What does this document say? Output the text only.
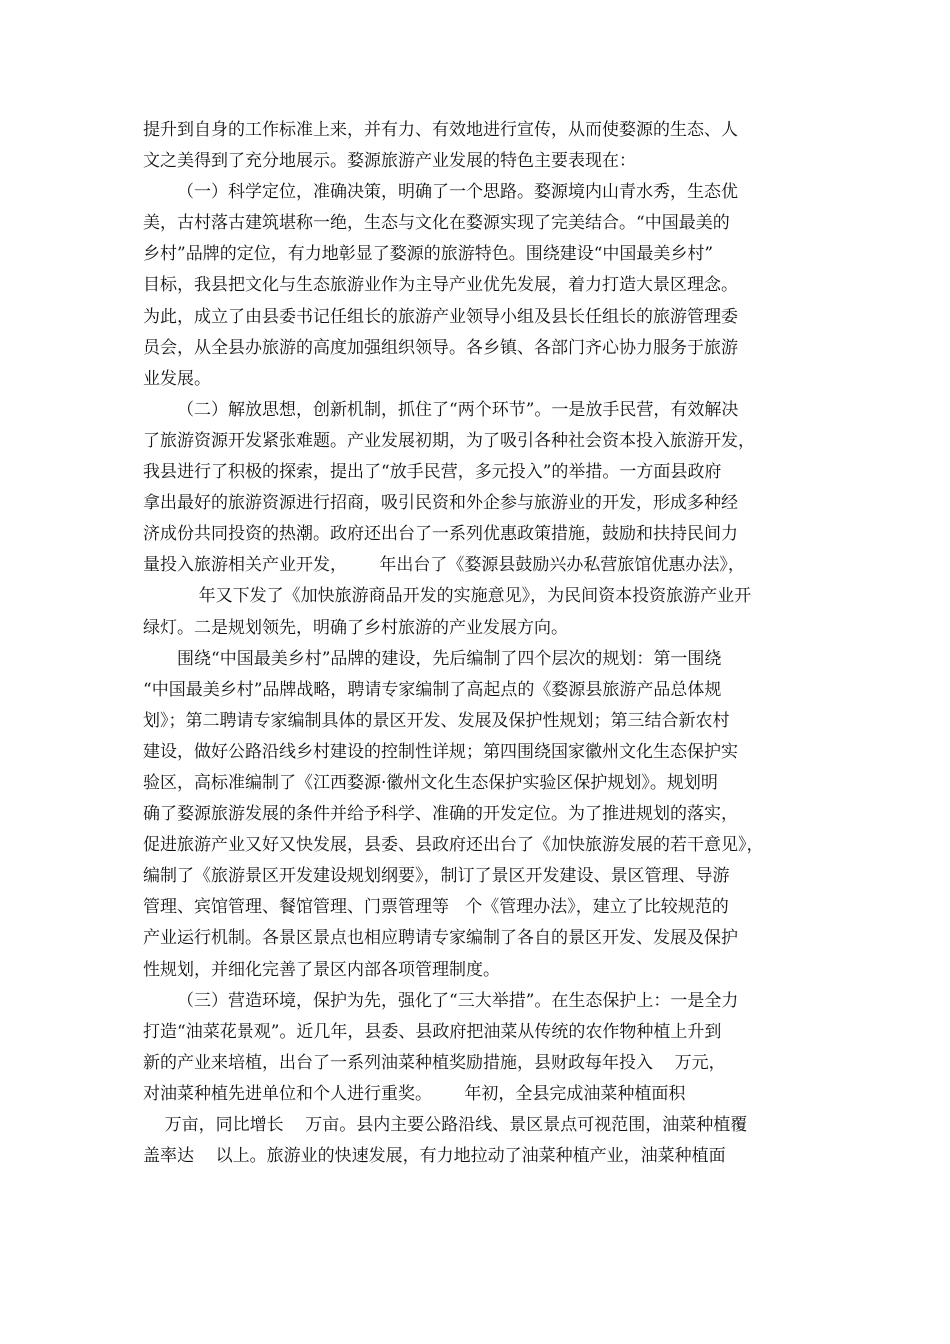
提升到自身的工作标准上来，并有力、有效地进行宣传，从而使婺源的生态、人
文之美得到了充分地展示。婺源旅游产业发展的特色主要表现在：
（一）科学定位，准确决策，明确了一个思路。婺源境内山青水秀，生态优
美，古村落古建筑堪称一绝，生态与文化在婺源实现了完美结合。“中国最美的
乡村”品牌的定位，有力地彰显了婺源的旅游特色。围绕建设“中国最美乡村”
目标，我县把文化与生态旅游业作为主导产业优先发展，着力打造大景区理念。
为此，成立了由县委书记任组长的旅游产业领导小组及县长任组长的旅游管理委
员会，从全县办旅游的高度加强组织领导。各乡镇、各部门齐心协力服务于旅游
业发展。
（二）解放思想，创新机制，抓住了“两个环节”。一是放手民营，有效解决
了旅游资源开发紧张难题。产业发展初期，为了吸引各种社会资本投入旅游开发，
我县进行了积极的探索，提出了“放手民营，多元投入”的举措。一方面县政府
拿出最好的旅游资源进行招商，吸引民资和外企参与旅游业的开发，形成多种经
济成份共同投资的热潮。政府还出台了一系列优惠政策措施，鼓励和扶持民间力
量投入旅游相关产业开发，      年出台了《婺源县鼓励兴办私营旅馆优惠办法》，
年又下发了《加快旅游商品开发的实施意见》，为民间资本投资旅游产业开
绿灯。二是规划领先，明确了乡村旅游的产业发展方向。
围绕“中国最美乡村”品牌的建设，先后编制了四个层次的规划：第一围绕
“中国最美乡村”品牌战略，聘请专家编制了高起点的《婺源县旅游产品总体规
划》；第二聘请专家编制具体的景区开发、发展及保护性规划；第三结合新农村
建设，做好公路沿线乡村建设的控制性详规；第四围绕国家徽州文化生态保护实
验区，高标准编制了《江西婺源·徽州文化生态保护实验区保护规划》。规划明
确了婺源旅游发展的条件并给予科学、准确的开发定位。为了推进规划的落实，
促进旅游产业又好又快发展，县委、县政府还出台了《加快旅游发展的若干意见》，
编制了《旅游景区开发建设规划纲要》，制订了景区开发建设、景区管理、导游
管理、宾馆管理、餐馆管理、门票管理等   个《管理办法》，建立了比较规范的
产业运行机制。各景区景点也相应聘请专家编制了各自的景区开发、发展及保护
性规划，并细化完善了景区内部各项管理制度。
（三）营造环境，保护为先，强化了“三大举措”。在生态保护上：一是全力
打造“油菜花景观”。近几年，县委、县政府把油菜从传统的农作物种植上升到
新的产业来培植，出台了一系列油菜种植奖励措施，县财政每年投入    万元，
对油菜种植先进单位和个人进行重奖。      年初，全县完成油菜种植面积
万亩，同比增长    万亩。县内主要公路沿线、景区景点可视范围，油菜种植覆
盖率达    以上。旅游业的快速发展，有力地拉动了油菜种植产业，油菜种植面
